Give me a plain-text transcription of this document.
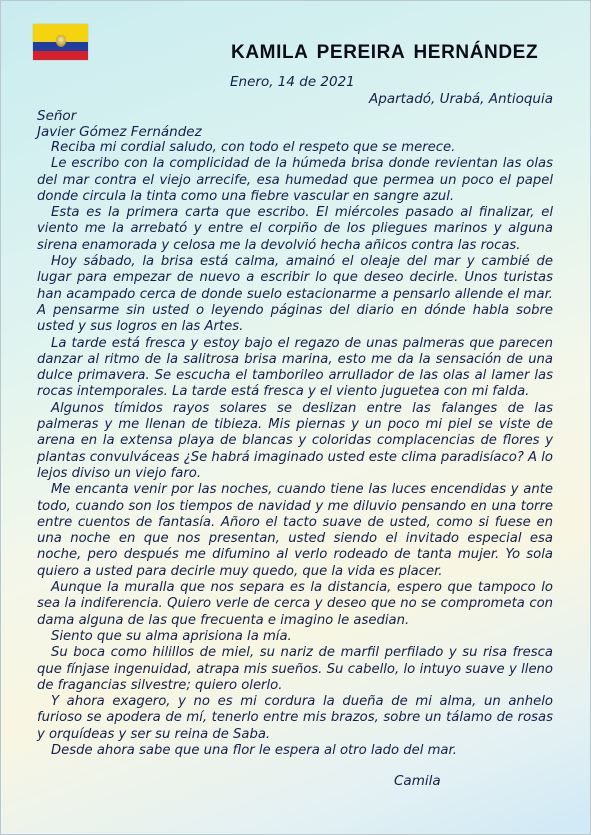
KAMILA PEREIRA HERNÁNDEZ
Enero, 14 de 2021
Apartadó, Urabá, Antioquia
Señor
Javier Gómez Fernández

Reciba mi cordial saludo, con todo el respeto que se merece.

Le escribo con la complicidad de la húmeda brisa donde revientan las olas del mar contra el viejo arrecife, esa humedad que permea un poco el papel donde circula la tinta como una fiebre vascular en sangre azul.

Esta es la primera carta que escribo. El miércoles pasado al finalizar, el viento me la arrebató y entre el corpiño de los pliegues marinos y alguna sirena enamorada y celosa me la devolvió hecha añicos contra las rocas.

Hoy sábado, la brisa está calma, amainó el oleaje del mar y cambié de lugar para empezar de nuevo a escribir lo que deseo decirle. Unos turistas han acampado cerca de donde suelo estacionarme a pensarlo allende el mar. A pensarme sin usted o leyendo páginas del diario en dónde habla sobre usted y sus logros en las Artes.

La tarde está fresca y estoy bajo el regazo de unas palmeras que parecen danzar al ritmo de la salitrosa brisa marina, esto me da la sensación de una dulce primavera. Se escucha el tamborileo arrullador de las olas al lamer las rocas intemporales. La tarde está fresca y el viento juguetea con mi falda.

Algunos tímidos rayos solares se deslizan entre las falanges de las palmeras y me llenan de tibieza. Mis piernas y un poco mi piel se viste de arena en la extensa playa de blancas y coloridas complacencias de flores y plantas convulváceas ¿Se habrá imaginado usted este clima paradisíaco? A lo lejos diviso un viejo faro.

Me encanta venir por las noches, cuando tiene las luces encendidas y ante todo, cuando son los tiempos de navidad y me diluvio pensando en una torre entre cuentos de fantasía. Añoro el tacto suave de usted, como si fuese en una noche en que nos presentan, usted siendo el invitado especial esa noche, pero después me difumino al verlo rodeado de tanta mujer. Yo sola quiero a usted para decirle muy quedo, que la vida es placer.

Aunque la muralla que nos separa es la distancia, espero que tampoco lo sea la indiferencia. Quiero verle de cerca y deseo que no se comprometa con dama alguna de las que frecuenta e imagino le asedian.

Siento que su alma aprisiona la mía.

Su boca como hilillos de miel, su nariz de marfil perfilado y su risa fresca que fínjase ingenuidad, atrapa mis sueños. Su cabello, lo intuyo suave y lleno de fragancias silvestre; quiero olerlo.

Y ahora exagero, y no es mi cordura la dueña de mi alma, un anhelo furioso se apodera de mí, tenerlo entre mis brazos, sobre un tálamo de rosas y orquídeas y ser su reina de Saba.

Desde ahora sabe que una flor le espera al otro lado del mar.

Camila
